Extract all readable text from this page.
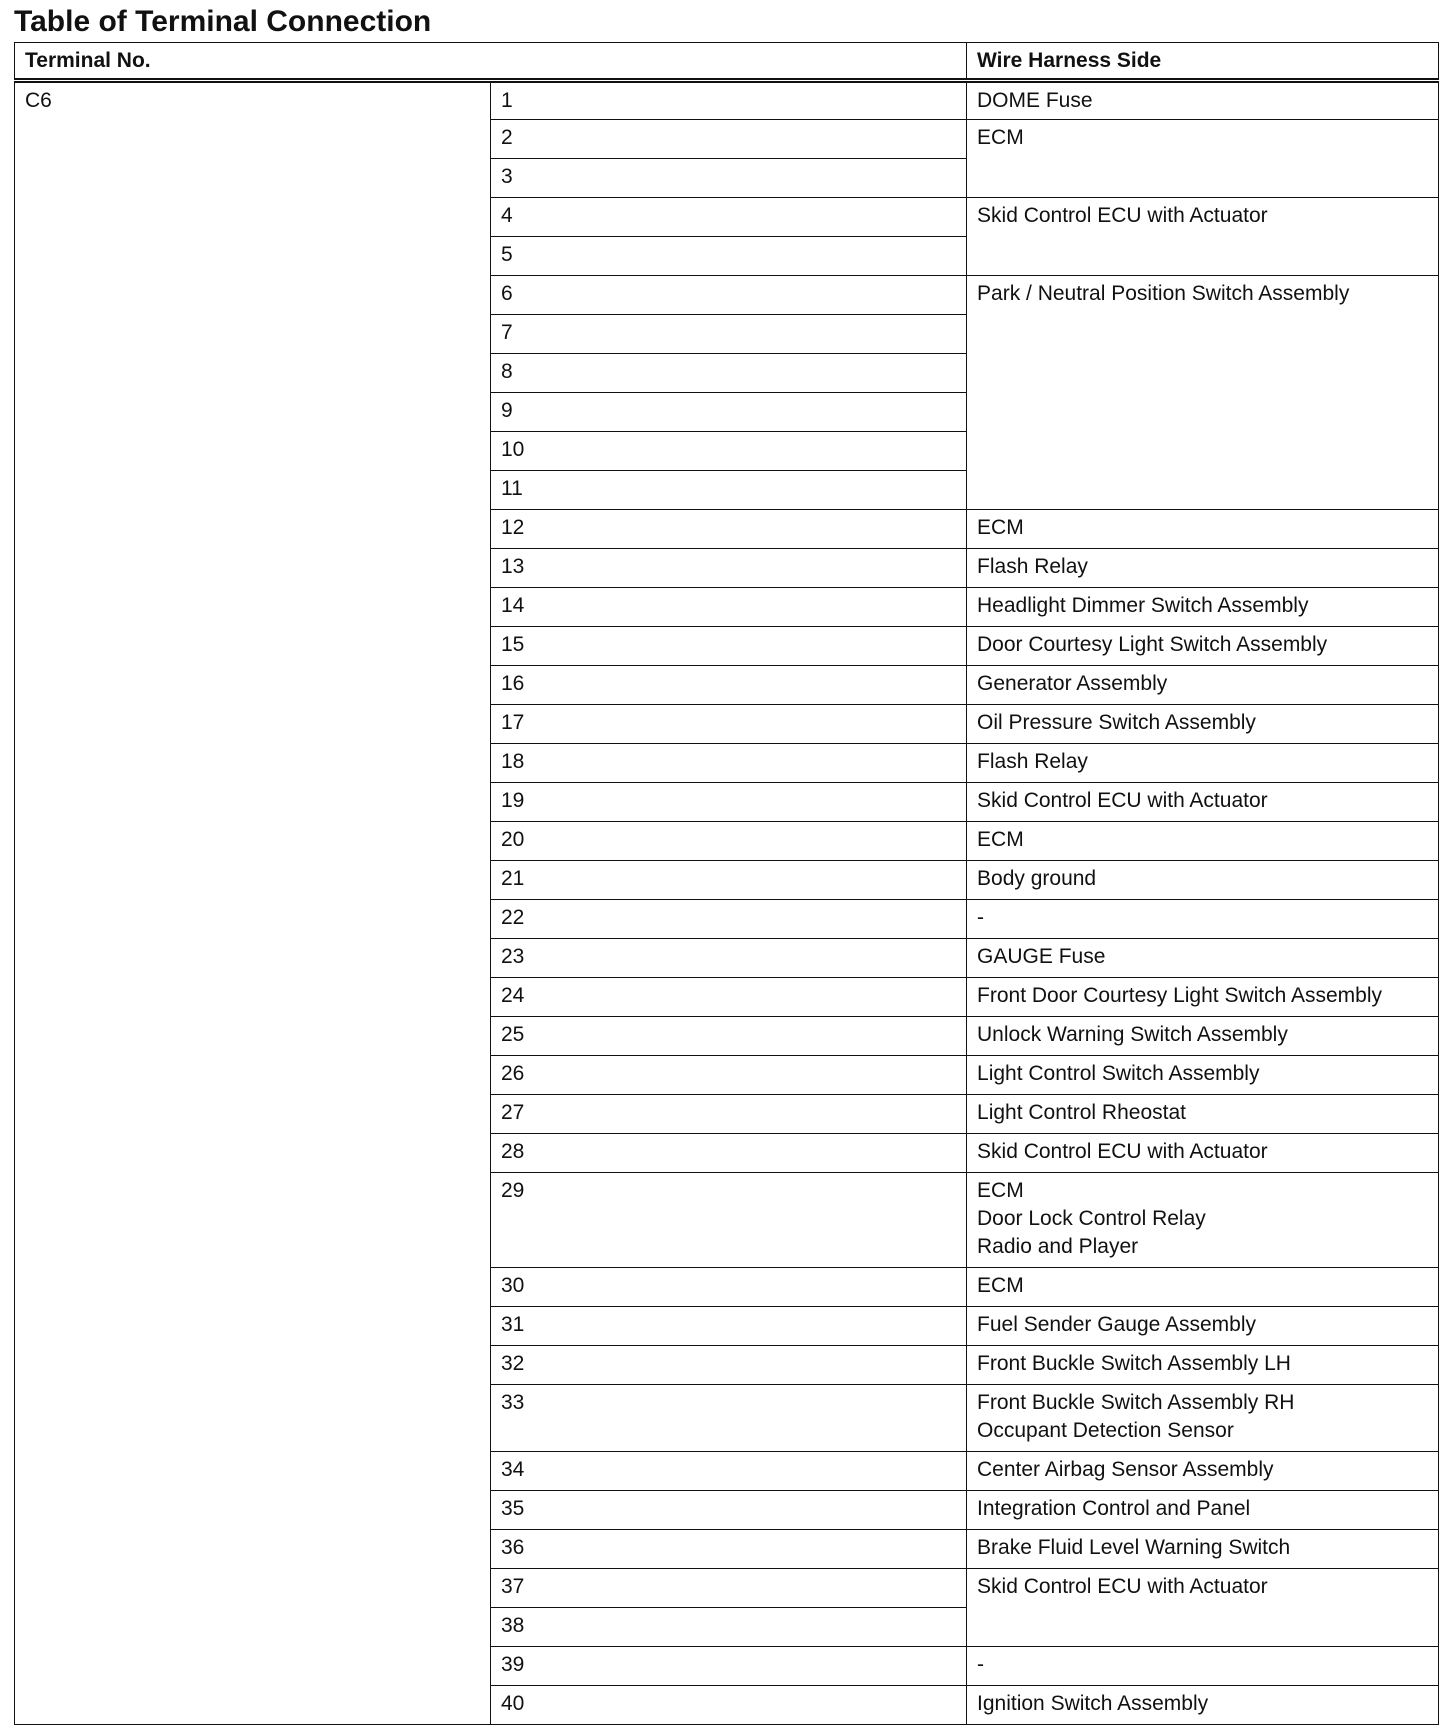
Table of Terminal Connection
Terminal No.		Wire Harness Side
C6	1	DOME Fuse

	2	ECM

	3	
	4	Skid Control ECU with Actuator

	5	
	6	Park / Neutral Position Switch Assembly

	7	
	8	
	9	
	10	
	11	
	12	ECM

	13	Flash Relay

	14	Headlight Dimmer Switch Assembly

	15	Door Courtesy Light Switch Assembly

	16	Generator Assembly

	17	Oil Pressure Switch Assembly

	18	Flash Relay

	19	Skid Control ECU with Actuator

	20	ECM

	21	Body ground

	22	-

	23	GAUGE Fuse

	24	Front Door Courtesy Light Switch Assembly

	25	Unlock Warning Switch Assembly

	26	Light Control Switch Assembly

	27	Light Control Rheostat

	28	Skid Control ECU with Actuator

	29	ECM
Door Lock Control Relay
Radio and Player

	30	ECM

	31	Fuel Sender Gauge Assembly

	32	Front Buckle Switch Assembly LH

	33	Front Buckle Switch Assembly RH
Occupant Detection Sensor

	34	Center Airbag Sensor Assembly

	35	Integration Control and Panel

	36	Brake Fluid Level Warning Switch

	37	Skid Control ECU with Actuator

	38	
	39	-

	40	Ignition Switch Assembly
